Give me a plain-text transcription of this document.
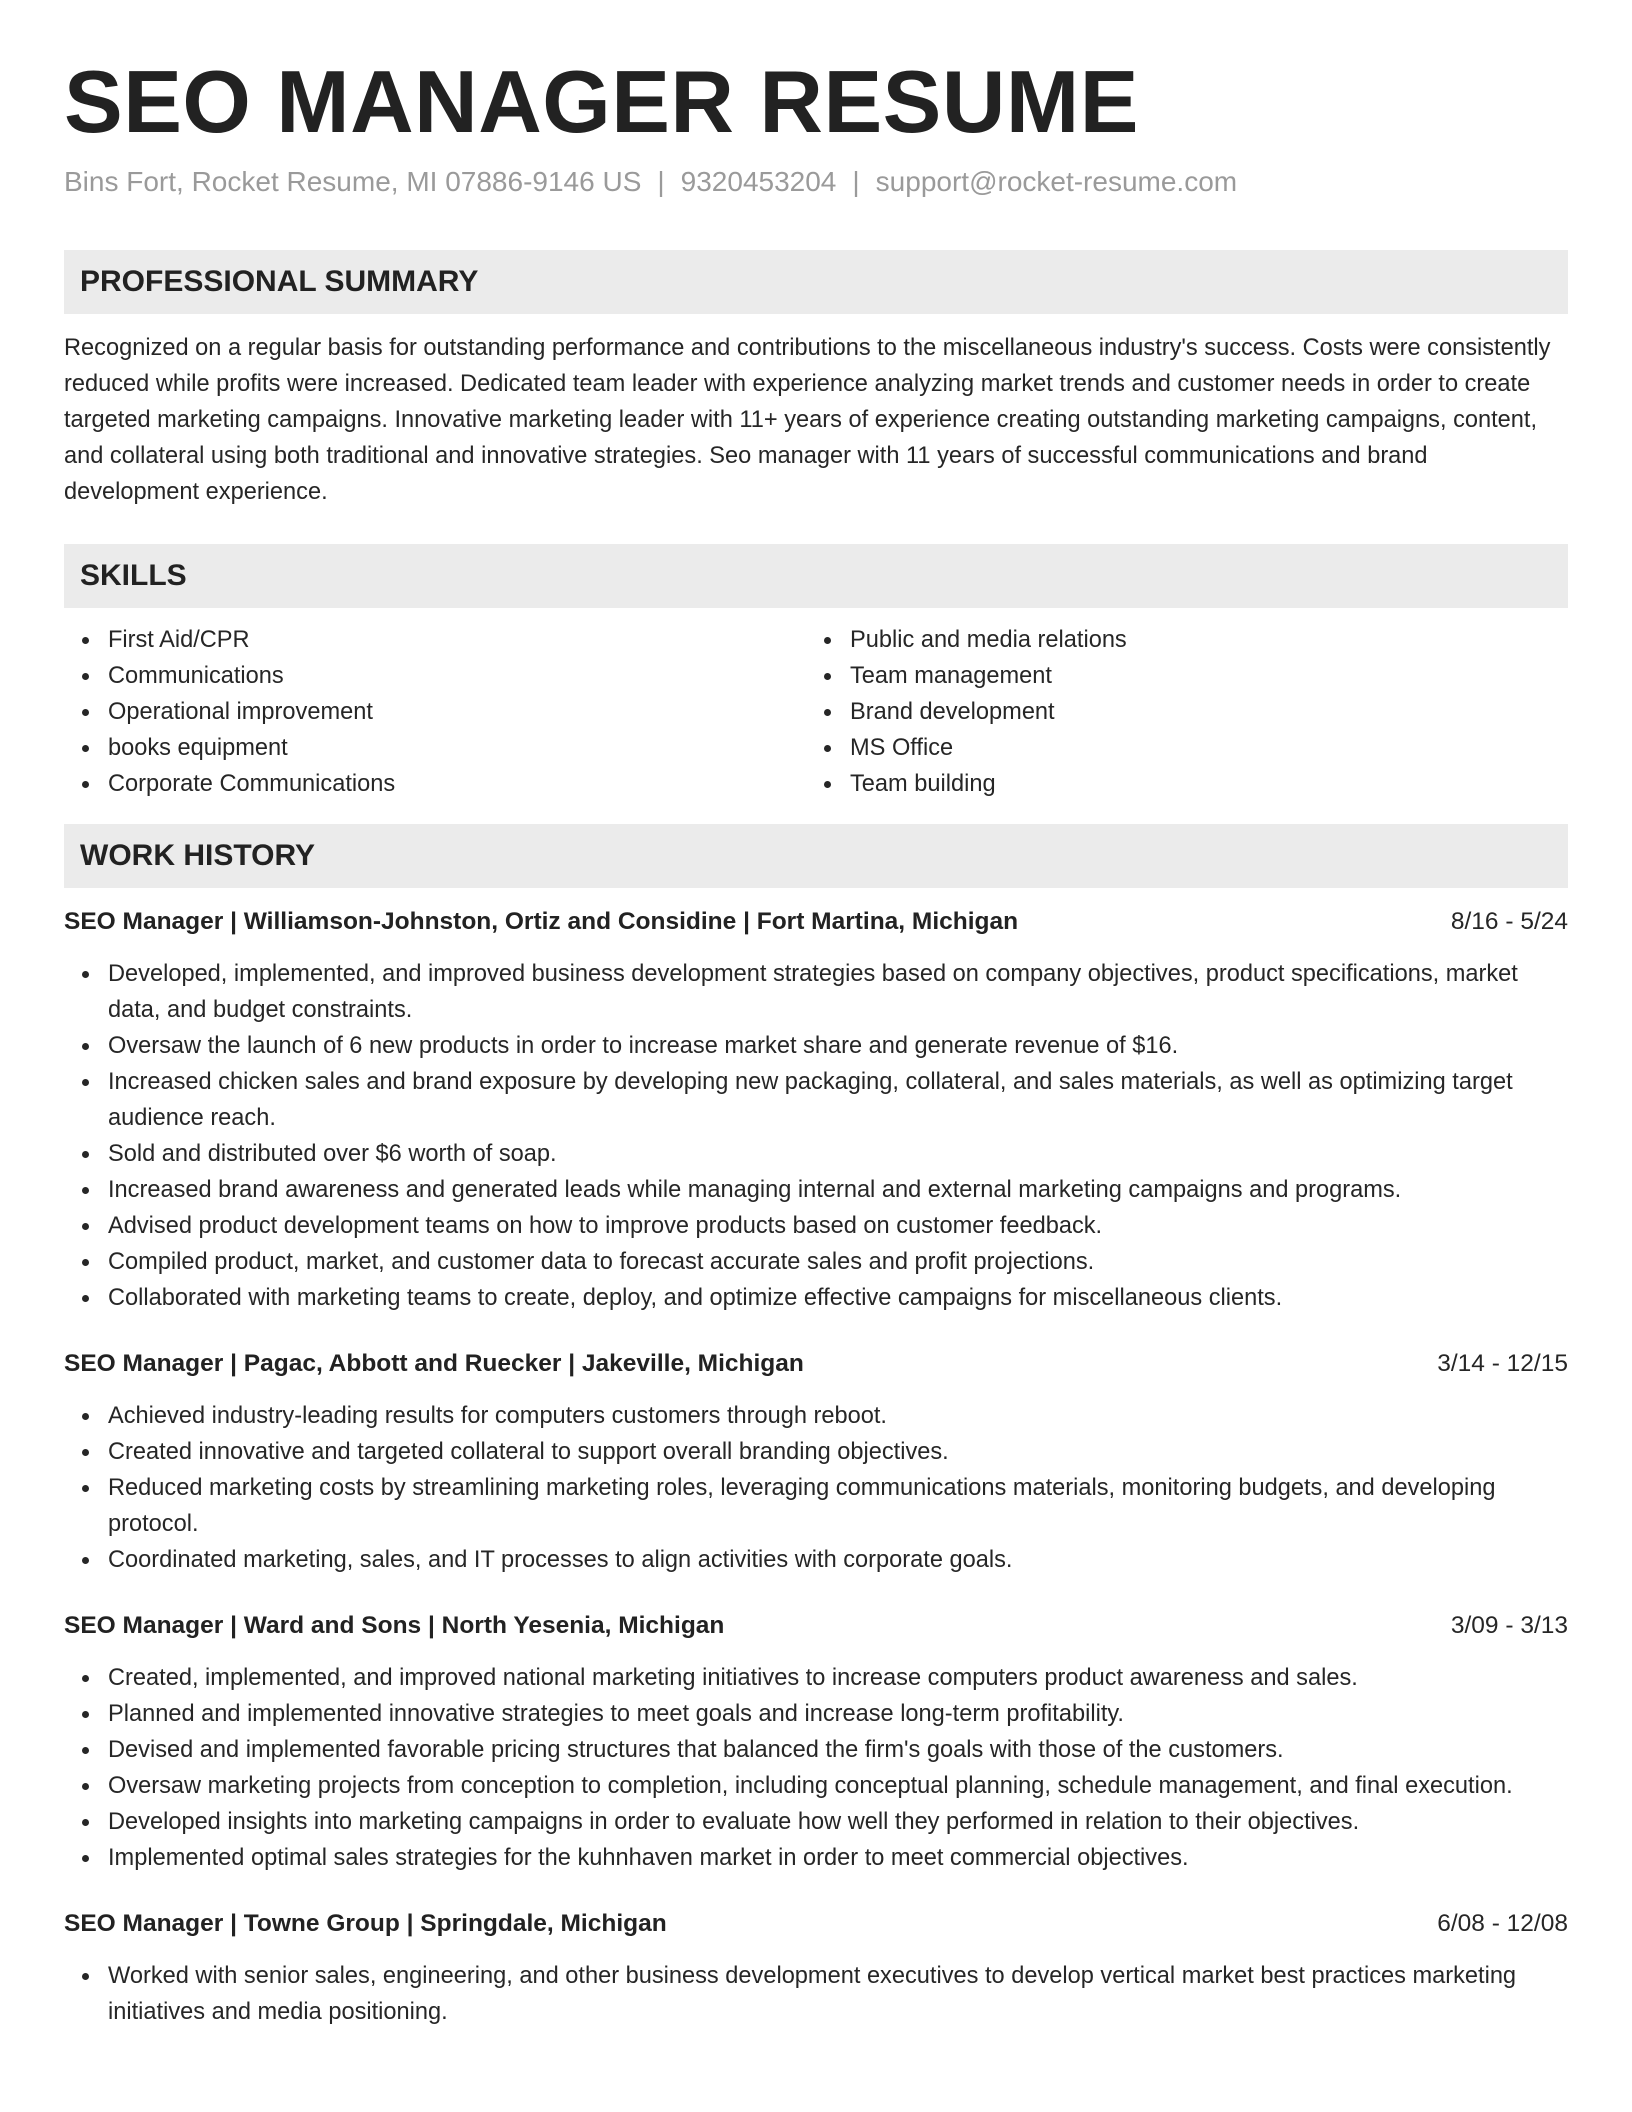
SEO MANAGER RESUME
Bins Fort, Rocket Resume, MI 07886-9146 US | 9320453204 | support@rocket-resume.com
PROFESSIONAL SUMMARY
Recognized on a regular basis for outstanding performance and contributions to the miscellaneous industry's success. Costs were consistently reduced while profits were increased. Dedicated team leader with experience analyzing market trends and customer needs in order to create targeted marketing campaigns. Innovative marketing leader with 11+ years of experience creating outstanding marketing campaigns, content, and collateral using both traditional and innovative strategies. Seo manager with 11 years of successful communications and brand development experience.
SKILLS
First Aid/CPR
Communications
Operational improvement
books equipment
Corporate Communications
Public and media relations
Team management
Brand development
MS Office
Team building
WORK HISTORY
SEO Manager | Williamson-Johnston, Ortiz and Considine | Fort Martina, Michigan	8/16 - 5/24
Developed, implemented, and improved business development strategies based on company objectives, product specifications, market data, and budget constraints.
Oversaw the launch of 6 new products in order to increase market share and generate revenue of $16.
Increased chicken sales and brand exposure by developing new packaging, collateral, and sales materials, as well as optimizing target audience reach.
Sold and distributed over $6 worth of soap.
Increased brand awareness and generated leads while managing internal and external marketing campaigns and programs.
Advised product development teams on how to improve products based on customer feedback.
Compiled product, market, and customer data to forecast accurate sales and profit projections.
Collaborated with marketing teams to create, deploy, and optimize effective campaigns for miscellaneous clients.
SEO Manager | Pagac, Abbott and Ruecker | Jakeville, Michigan	3/14 - 12/15
Achieved industry-leading results for computers customers through reboot.
Created innovative and targeted collateral to support overall branding objectives.
Reduced marketing costs by streamlining marketing roles, leveraging communications materials, monitoring budgets, and developing protocol.
Coordinated marketing, sales, and IT processes to align activities with corporate goals.
SEO Manager | Ward and Sons | North Yesenia, Michigan	3/09 - 3/13
Created, implemented, and improved national marketing initiatives to increase computers product awareness and sales.
Planned and implemented innovative strategies to meet goals and increase long-term profitability.
Devised and implemented favorable pricing structures that balanced the firm's goals with those of the customers.
Oversaw marketing projects from conception to completion, including conceptual planning, schedule management, and final execution.
Developed insights into marketing campaigns in order to evaluate how well they performed in relation to their objectives.
Implemented optimal sales strategies for the kuhnhaven market in order to meet commercial objectives.
SEO Manager | Towne Group | Springdale, Michigan	6/08 - 12/08
Worked with senior sales, engineering, and other business development executives to develop vertical market best practices marketing initiatives and media positioning.
